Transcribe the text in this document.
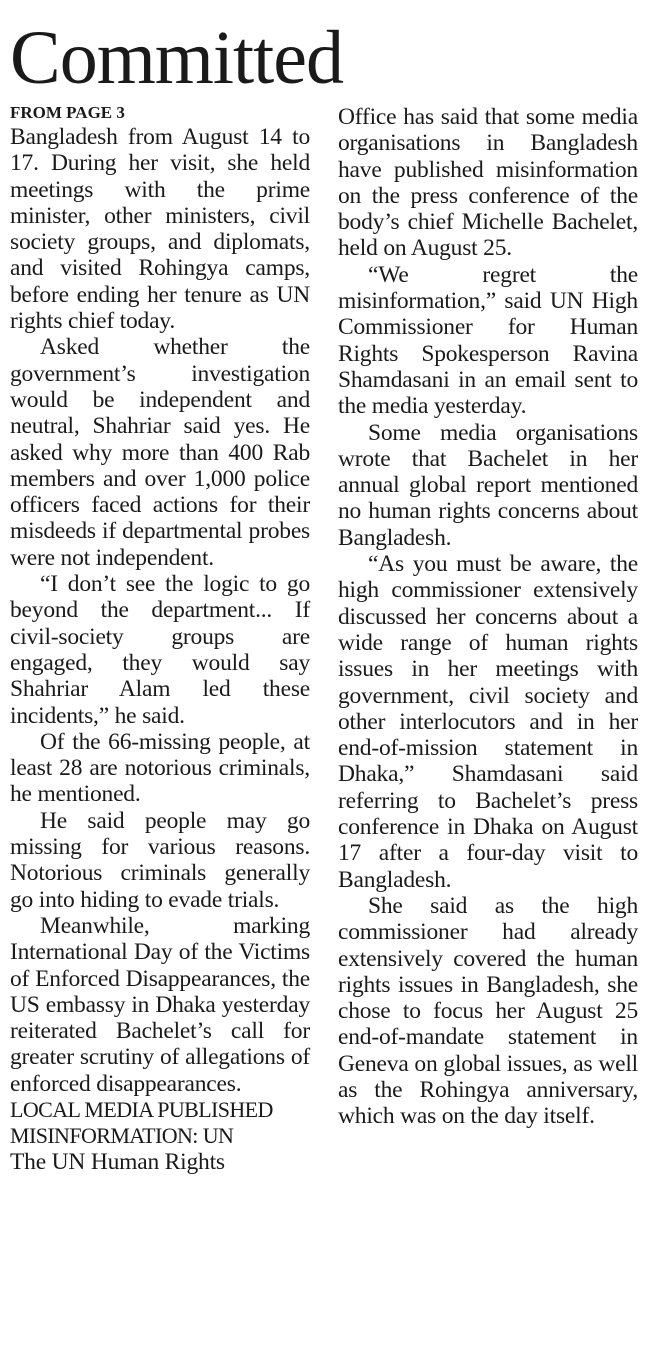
Committed
FROM PAGE 3

Bangladesh from August 14 to 17. During her visit, she held meetings with the prime minister, other ministers, civil society groups, and diplomats, and visited Rohingya camps, before ending her tenure as UN rights chief today.

Asked whether the government’s investigation would be independent and neutral, Shahriar said yes. He asked why more than 400 Rab members and over 1,000 police officers faced actions for their misdeeds if departmental probes were not independent.

“I don’t see the logic to go beyond the department... If civil-society groups are engaged, they would say Shahriar Alam led these incidents,” he said.

Of the 66-missing people, at least 28 are notorious criminals, he mentioned.

He said people may go missing for various reasons. Notorious criminals generally go into hiding to evade trials.

Meanwhile, marking International Day of the Victims of Enforced Disappearances, the US embassy in Dhaka yesterday reiterated Bachelet’s call for greater scrutiny of allegations of enforced disappearances.

LOCAL MEDIA PUBLISHED MISINFORMATION: UN

The UN Human Rights

Office has said that some media organisations in Bangladesh have published misinformation on the press conference of the body’s chief Michelle Bachelet, held on August 25.

“We regret the misinformation,” said UN High Commissioner for Human Rights Spokesperson Ravina Shamdasani in an email sent to the media yesterday.

Some media organisations wrote that Bachelet in her annual global report mentioned no human rights concerns about Bangladesh.

“As you must be aware, the high commissioner extensively discussed her concerns about a wide range of human rights issues in her meetings with government, civil society and other interlocutors and in her end-of-mission statement in Dhaka,” Shamdasani said referring to Bachelet’s press conference in Dhaka on August 17 after a four-day visit to Bangladesh.

She said as the high commissioner had already extensively covered the human rights issues in Bangladesh, she chose to focus her August 25 end-of-mandate statement in Geneva on global issues, as well as the Rohingya anniversary, which was on the day itself.
